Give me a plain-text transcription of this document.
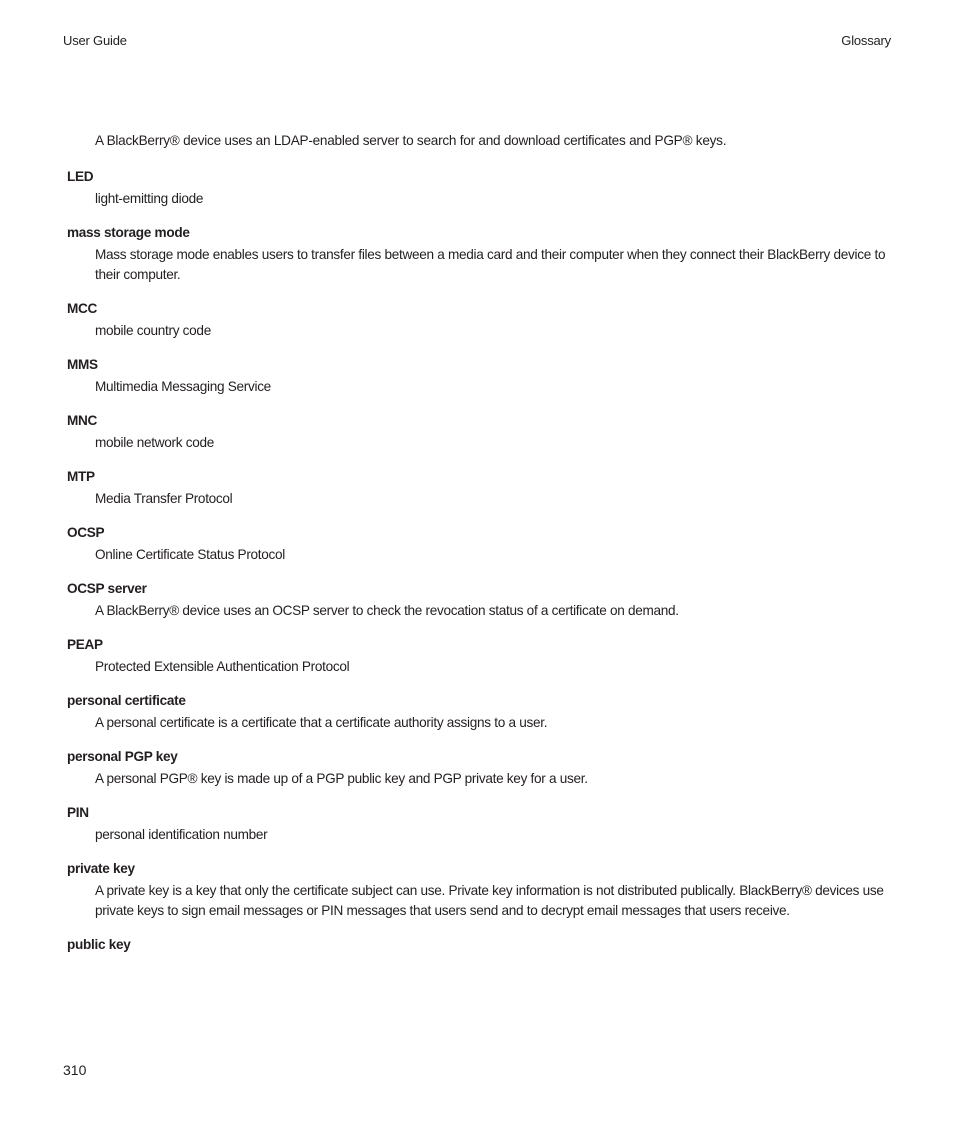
User Guide	Glossary
A BlackBerry® device uses an LDAP-enabled server to search for and download certificates and PGP® keys.
LED
light-emitting diode
mass storage mode
Mass storage mode enables users to transfer files between a media card and their computer when they connect their BlackBerry device to their computer.
MCC
mobile country code
MMS
Multimedia Messaging Service
MNC
mobile network code
MTP
Media Transfer Protocol
OCSP
Online Certificate Status Protocol
OCSP server
A BlackBerry® device uses an OCSP server to check the revocation status of a certificate on demand.
PEAP
Protected Extensible Authentication Protocol
personal certificate
A personal certificate is a certificate that a certificate authority assigns to a user.
personal PGP key
A personal PGP® key is made up of a PGP public key and PGP private key for a user.
PIN
personal identification number
private key
A private key is a key that only the certificate subject can use. Private key information is not distributed publically. BlackBerry® devices use private keys to sign email messages or PIN messages that users send and to decrypt email messages that users receive.
public key
310
